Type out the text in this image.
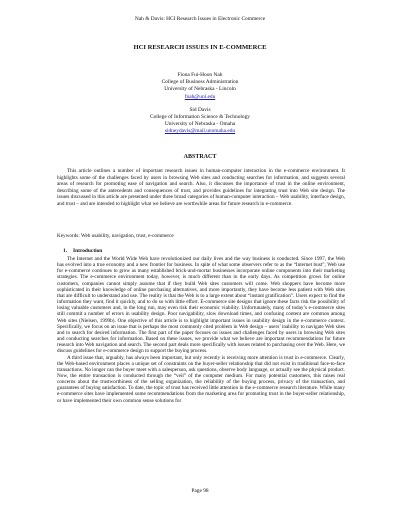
Nah & Davis: HCI Research Issues in Electronic Commerce
HCI RESEARCH ISSUES IN E-COMMERCE
Fiona Fui-Hoon Nah
College of Business Administration
University of Nebraska - Lincoln
fnah@unl.edu
Sid Davis
College of Information Science & Technology
University of Nebraska - Omaha
sidneydavis@mail.unomaha.edu
ABSTRACT

This article outlines a number of important research issues in human-computer interaction in the e-commerce environment. It highlights some of the challenges faced by users in browsing Web sites and conducting searches for information, and suggests several areas of research for promoting ease of navigation and search. Also, it discusses the importance of trust in the online environment, describing some of the antecedents and consequences of trust, and provides guidelines for integrating trust into Web site design. The issues discussed in this article are presented under three broad categories of human-computer interaction – Web usability, interface design, and trust – and are intended to highlight what we believe are worthwhile areas for future research in e-commerce.

Keywords: Web usability, navigation, trust, e-commerce

1. Introduction

The Internet and the World Wide Web have revolutionized our daily lives and the way business is conducted. Since 1997, the Web has evolved into a true economy and a new frontier for business. In spite of what some observers refer to as the “Internet bust”, Web use for e-commerce continues to grow as many established brick-and-mortar businesses incorporate online components into their marketing strategies. The e-commerce environment today, however, is much different than in the early days. As competition grows for online customers, companies cannot simply assume that if they build Web sites customers will come. Web shoppers have become more sophisticated in their knowledge of online purchasing alternatives, and more importantly, they have become less patient with Web sites that are difficult to understand and use. The reality is that the Web is to a large extent about “instant gratification”. Users expect to find the information they want, find it quickly, and to do so with little effort. E-commerce site designs that ignore these facts risk the possibility of losing valuable customers and, in the long run, may even risk their economic viability. Unfortunately, many of today’s e-commerce sites still commit a number of errors in usability design. Poor navigability, slow download times, and confusing content are common among Web sites (Nielsen, 1999b). One objective of this article is to highlight important issues in usability design in the e-commerce context. Specifically, we focus on an issue that is perhaps the most commonly cited problem in Web design – users’ inability to navigate Web sites and to search for desired information. The first part of the paper focuses on issues and challenges faced by users in browsing Web sites and conducting searches for information. Based on these issues, we provide what we believe are important recommendations for future research into Web navigation and search. The second part deals more specifically with issues related to purchasing over the Web. Here, we discuss guidelines for e-commerce design to support the buying process.

A third issue that, arguably, has always been important, but only recently is receiving more attention is trust in e-commerce. Clearly, the Web-based environment places a unique set of constraints on the buyer-seller relationship that did not exist in traditional face-to-face transactions. No longer can the buyer meet with a salesperson, ask questions, observe body language, or actually see the physical product. Now, the entire transaction is conducted through the “veil” of the computer medium. For many potential customers, this raises real concerns about the trustworthiness of the selling organization, the reliability of the buying process, privacy of the transaction, and guarantees of buying satisfaction. To date, the topic of trust has received little attention in the e-commerce research literature. While many e-commerce sites have implemented some recommendations from the marketing area for promoting trust in the buyer-seller relationship, or have implemented their own common sense solutions for

Page 98
